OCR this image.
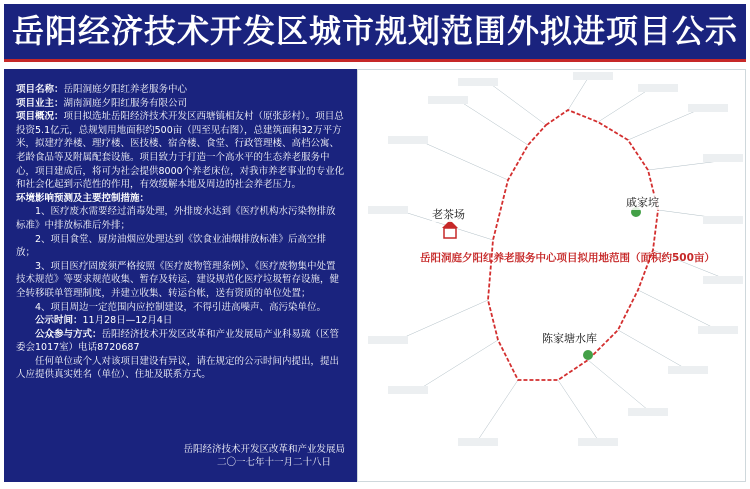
岳阳经济技术开发区城市规划范围外拟进项目公示

项目名称：岳阳洞庭夕阳红养老服务中心

项目业主：湖南洞庭夕阳红服务有限公司

项目概况：项目拟选址岳阳经济技术开发区西塘镇相友村（原张彭村）。项目总投资5.1亿元，总规划用地面积约500亩（四至见右图），总建筑面积32万平方米，拟建疗养楼、理疗楼、医技楼、宿舍楼、食堂、行政管理楼、高档公寓、老龄食品等及附属配套设施。项目致力于打造一个高水平的生态养老服务中心，项目建成后，将可为社会提供8000个养老床位，对我市养老事业的专业化和社会化起到示范性的作用，有效缓解本地及周边的社会养老压力。

环境影响预测及主要控制措施：

1、医疗废水需要经过消毒处理，外排废水达到《医疗机构水污染物排放标准》中排放标准后外排；

2、项目食堂、厨房油烟应处理达到《饮食业油烟排放标准》后高空排放；

3、项目医疗固废须严格按照《医疗废物管理条例》、《医疗废物集中处置技术规范》等要求规范收集、暂存及转运，建设规范化医疗垃圾暂存设施，健全转移联单管理制度，并建立收集、转运台帐，送有资质的单位处置；

4、项目周边一定范围内应控制建设，不得引进高噪声、高污染单位。

公示时间：11月28日—12月4日

公众参与方式：岳阳经济技术开发区改革和产业发展局产业科易琉（区管委会1017室）电话8720687

任何单位或个人对该项目建设有异议，请在规定的公示时间内提出，提出人应提供真实姓名（单位）、住址及联系方式。

岳阳经济技术开发区改革和产业发展局
二〇一七年十一月二十八日
老茶场
戚家垸
陈家塘水库
岳阳洞庭夕阳红养老服务中心项目拟用地范围（面积约500亩）
